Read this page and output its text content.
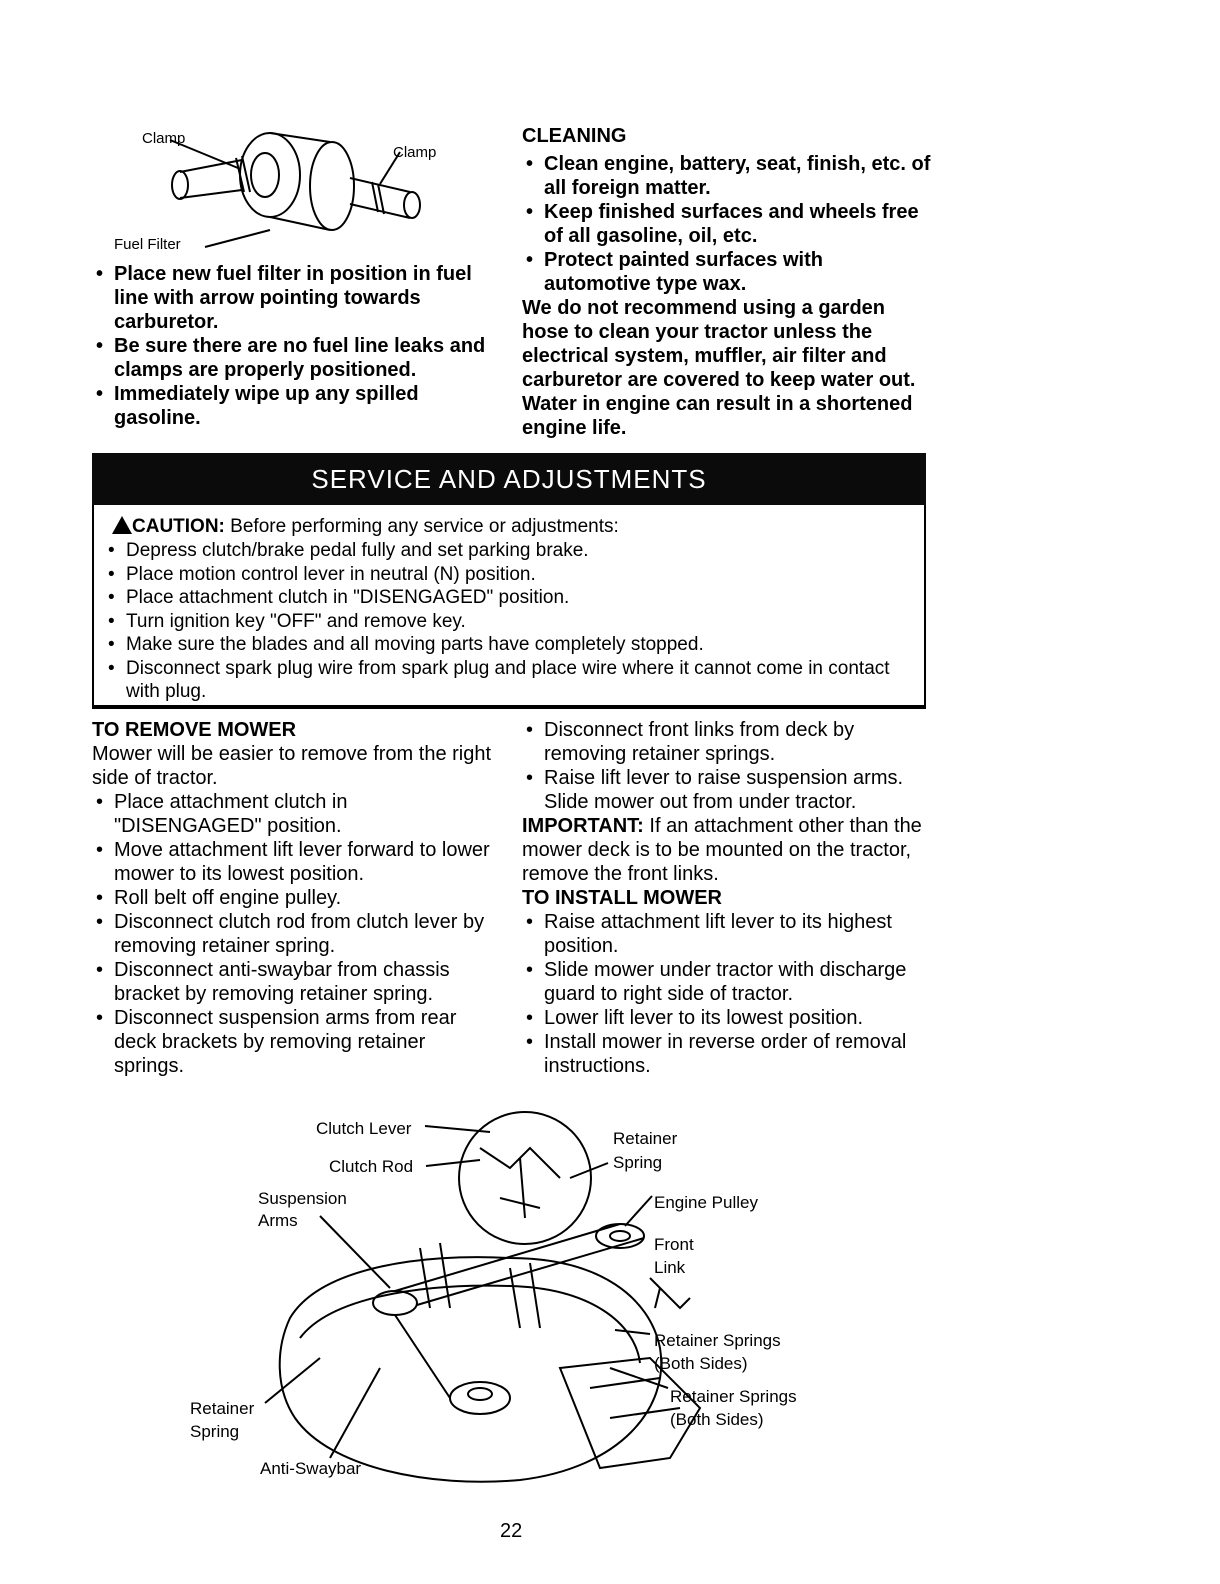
Clamp
Clamp
Fuel Filter
• Place new fuel filter in position in fuel line with arrow pointing towards carburetor.
• Be sure there are no fuel line leaks and clamps are properly positioned.
• Immediately wipe up any spilled gasoline.
CLEANING
• Clean engine, battery, seat, finish, etc. of all foreign matter.
• Keep finished surfaces and wheels free of all gasoline, oil, etc.
• Protect painted surfaces with automotive type wax.
We do not recommend using a garden hose to clean your tractor unless the electrical system, muffler, air filter and carburetor are covered to keep water out. Water in engine can result in a shortened engine life.
SERVICE AND ADJUSTMENTS
CAUTION: Before performing any service or adjustments:
• Depress clutch/brake pedal fully and set parking brake.
• Place motion control lever in neutral (N) position.
• Place attachment clutch in "DISENGAGED" position.
• Turn ignition key "OFF" and remove key.
• Make sure the blades and all moving parts have completely stopped.
• Disconnect spark plug wire from spark plug and place wire where it cannot come in contact with plug.
TO REMOVE MOWER
Mower will be easier to remove from the right side of tractor.
• Place attachment clutch in "DISENGAGED" position.
• Move attachment lift lever forward to lower mower to its lowest position.
• Roll belt off engine pulley.
• Disconnect clutch rod from clutch lever by removing retainer spring.
• Disconnect anti-swaybar from chassis bracket by removing retainer spring.
• Disconnect suspension arms from rear deck brackets by removing retainer springs.
• Disconnect front links from deck by removing retainer springs.
• Raise lift lever to raise suspension arms. Slide mower out from under tractor.
IMPORTANT: If an attachment other than the mower deck is to be mounted on the tractor, remove the front links.
TO INSTALL MOWER
• Raise attachment lift lever to its highest position.
• Slide mower under tractor with discharge guard to right side of tractor.
• Lower lift lever to its lowest position.
• Install mower in reverse order of removal instructions.
Clutch Lever
Clutch Rod
Suspension
Arms
Retainer
Spring
Engine Pulley
Front
Link
Retainer Springs
(Both Sides)
Retainer Springs
(Both Sides)
Retainer
Spring
Anti-Swaybar
22
